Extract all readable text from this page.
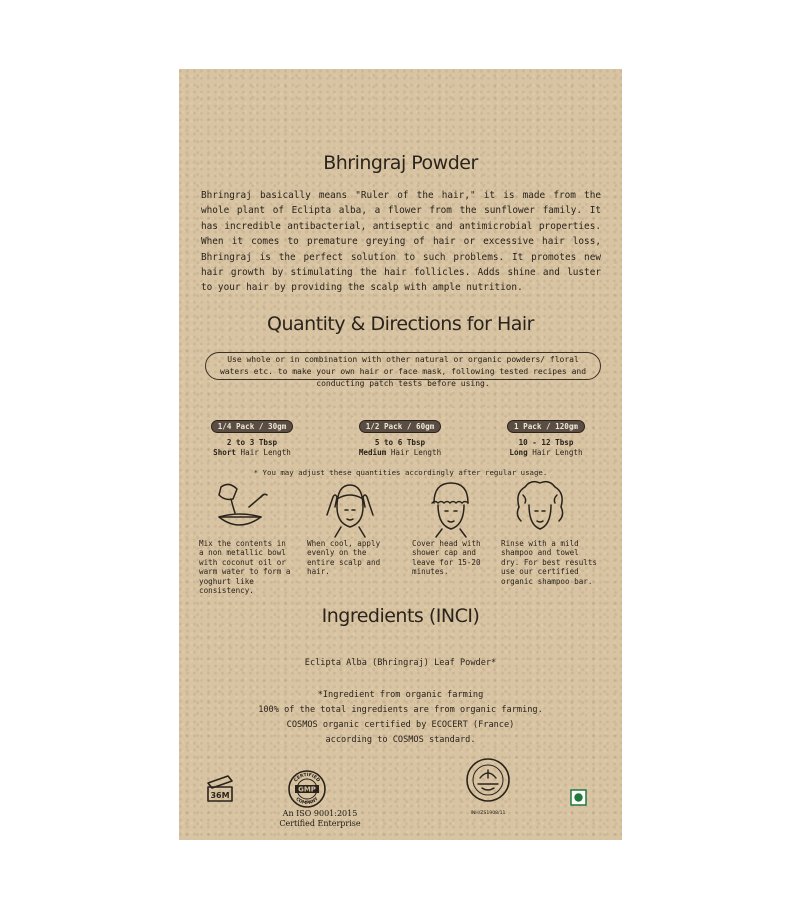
Bhringraj Powder

Bhringraj basically means "Ruler of the hair," it is made from the whole plant of Eclipta alba, a flower from the sunflower family. It has incredible antibacterial, antiseptic and antimicrobial properties. When it comes to premature greying of hair or excessive hair loss, Bhringraj is the perfect solution to such problems. It promotes new hair growth by stimulating the hair follicles. Adds shine and luster to your hair by providing the scalp with ample nutrition.

Quantity & Directions for Hair
Use whole or in combination with other natural or organic powders/ floral waters etc. to make your own hair or face mask, following tested recipes and conducting patch tests before using.
1/4 Pack / 30gm
2 to 3 Tbsp
Short Hair Length
1/2 Pack / 60gm
5 to 6 Tbsp
Medium Hair Length
1 Pack / 120gm
10 - 12 Tbsp
Long Hair Length
* You may adjust these quantities accordingly after regular usage.
Mix the contents in a non metallic bowl with coconut oil or warm water to form a yoghurt like consistency.
When cool, apply evenly on the entire scalp and hair.
Cover head with shower cap and leave for 15-20 minutes.
Rinse with a mild shampoo and towel dry. For best results use our certified organic shampoo bar.
Ingredients (INCI)
Eclipta Alba (Bhringraj) Leaf Powder*
*Ingredient from organic farming
100% of the total ingredients are from organic farming.
COSMOS organic certified by ECOCERT (France)
according to COSMOS standard.
36M
CERTIFIED
COMPANY
GMP
An ISO 9001:2015
Certified Enterprise
INH/ZS1908/11
